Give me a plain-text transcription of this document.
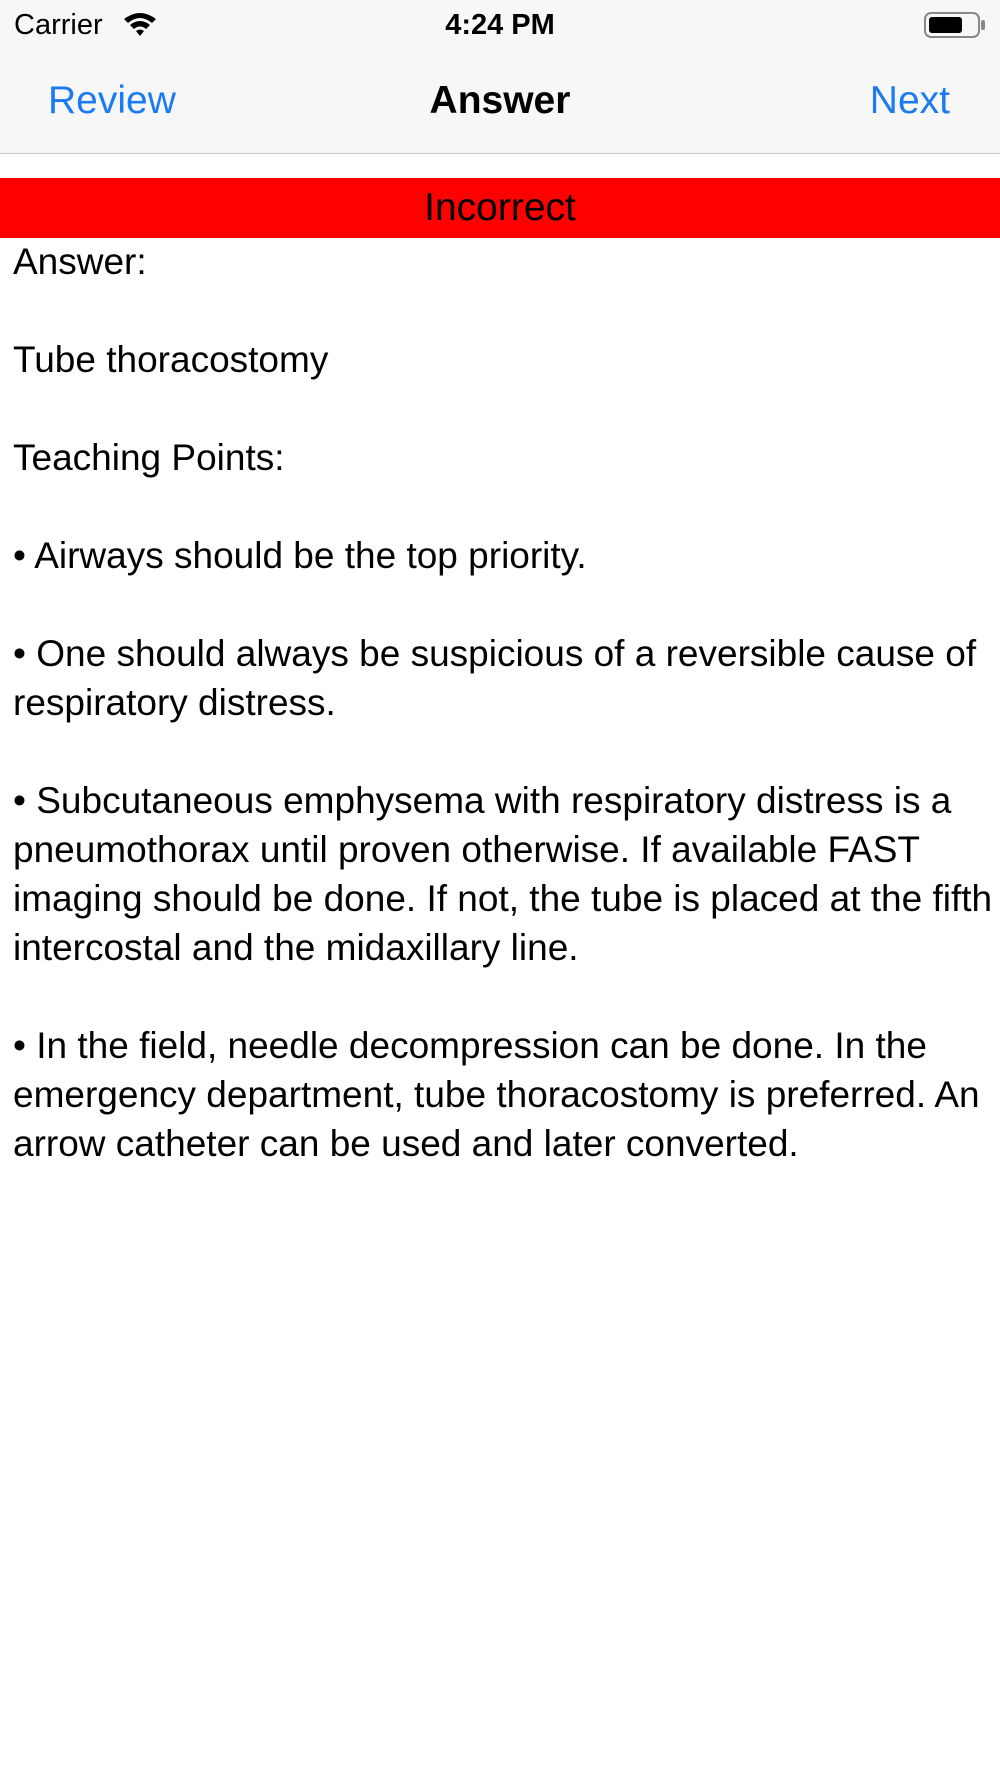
Carrier	4:24 PM
Review	Answer	Next
Incorrect
Answer:
Tube thoracostomy
Teaching Points:
• Airways should be the top priority.
• One should always be suspicious of a reversible cause of respiratory distress.
• Subcutaneous emphysema with respiratory distress is a pneumothorax until proven otherwise. If available FAST imaging should be done. If not, the tube is placed at the fifth intercostal and the midaxillary line.
• In the field, needle decompression can be done. In the emergency department, tube thoracostomy is preferred. An arrow catheter can be used and later converted.
